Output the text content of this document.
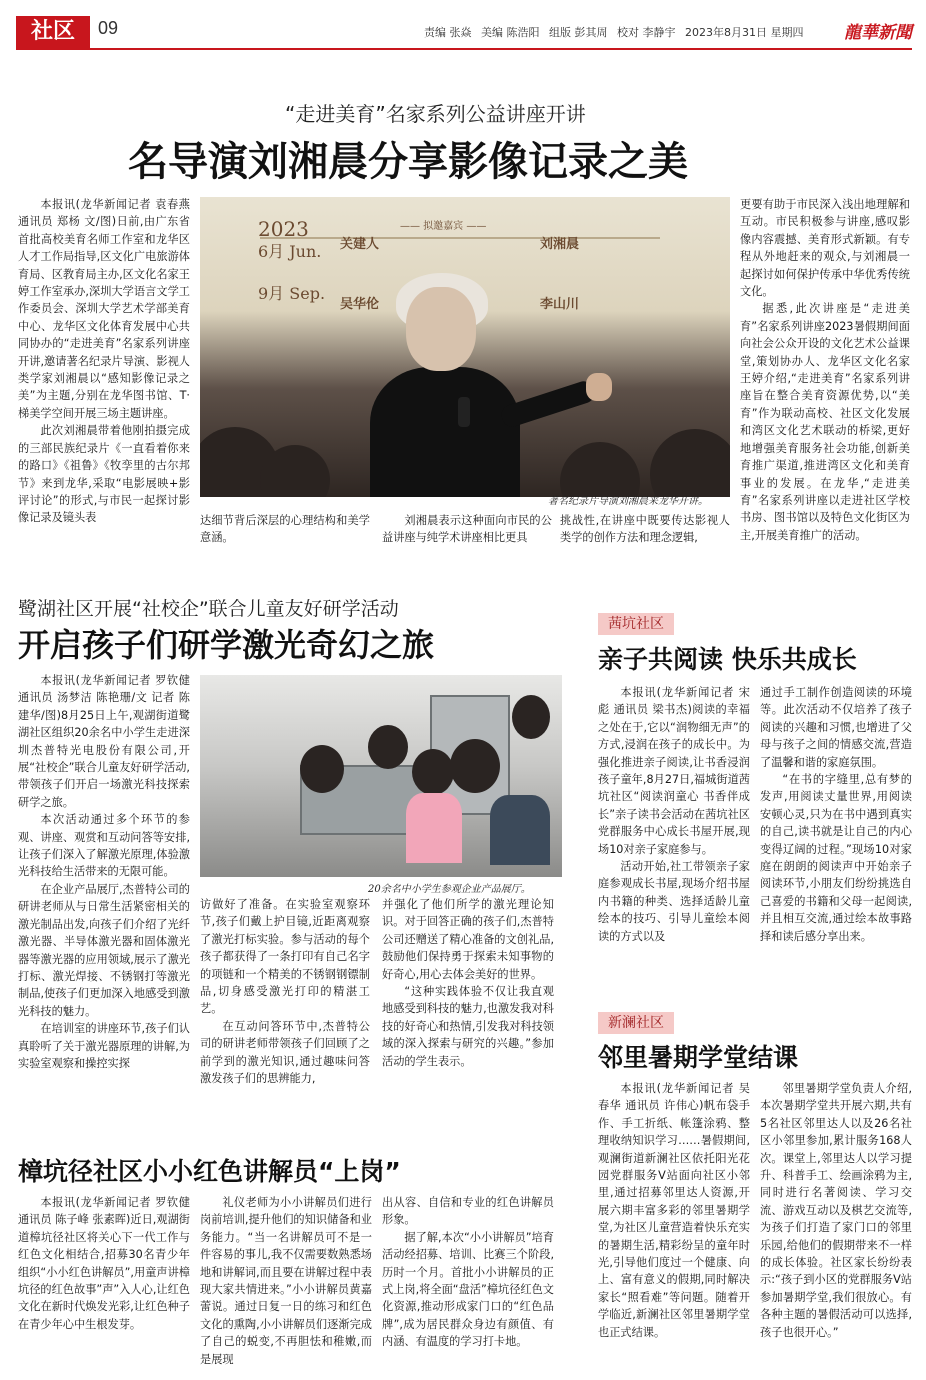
社区	09	责编 张焱 美编 陈浩阳 组版 彭其周 校对 李静宇 2023年8月31日 星期四	龍華新聞
“走进美育”名家系列公益讲座开讲
名导演刘湘晨分享影像记录之美

本报讯(龙华新闻记者 袁春燕 通讯员 郑杨 文/图)日前,由广东省首批高校美育名师工作室和龙华区人才工作局指导,区文化广电旅游体育局、区教育局主办,区文化名家王婷工作室承办,深圳大学语言文学工作委员会、深圳大学艺术学部美育中心、龙华区文化体育发展中心共同协办的“走进美育”名家系列讲座开讲,邀请著名纪录片导演、影视人类学家刘湘晨以“感知影像记录之美”为主题,分别在龙华图书馆、T·梯美学空间开展三场主题讲座。

此次刘湘晨带着他刚拍摄完成的三部民族纪录片《一直看着你来的路口》《祖鲁》《牧孪里的古尔邦节》来到龙华,采取“电影展映+影评讨论”的形式,与市民一起探讨影像记录及镜头表

—— 拟邀嘉宾 ——
2023
6月 Jun.
9月 Sep.
关建人	刘湘晨
吴华伦	李山川
著名纪录片导演刘湘晨来龙华开讲。
达细节背后深层的心理结构和美学意涵。
刘湘晨表示这种面向市民的公益讲座与纯学术讲座相比更具
挑战性,在讲座中既要传达影视人类学的创作方法和理念逻辑,
更要有助于市民深入浅出地理解和互动。市民积极参与讲座,感叹影像内容震撼、美育形式新颖。有专程从外地赶来的观众,与刘湘晨一起探讨如何保护传承中华优秀传统文化。

据悉,此次讲座是“走进美育”名家系列讲座2023暑假期间面向社会公众开设的文化艺术公益课堂,策划协办人、龙华区文化名家王婷介绍,“走进美育”名家系列讲座旨在整合美育资源优势,以“美育”作为联动高校、社区文化发展和湾区文化艺术联动的桥梁,更好地增强美育服务社会功能,创新美育推广渠道,推进湾区文化和美育事业的发展。在龙华,“走进美育”名家系列讲座以走进社区学校书房、图书馆以及特色文化街区为主,开展美育推广的活动。

鹭湖社区开展“社校企”联合儿童友好研学活动
开启孩子们研学激光奇幻之旅

本报讯(龙华新闻记者 罗钦健 通讯员 汤梦洁 陈艳珊/文 记者 陈建华/图)8月25日上午,观湖街道鹭湖社区组织20余名中小学生走进深圳杰普特光电股份有限公司,开展“社校企”联合儿童友好研学活动,带领孩子们开启一场激光科技探索研学之旅。

本次活动通过多个环节的参观、讲座、观赏和互动问答等安排,让孩子们深入了解激光原理,体验激光科技给生活带来的无限可能。

在企业产品展厅,杰普特公司的研讲老师从与日常生活紧密相关的激光制品出发,向孩子们介绍了光纤激光器、半导体激光器和固体激光器等激光器的应用领域,展示了激光打标、激光焊接、不锈钢打等激光制品,使孩子们更加深入地感受到激光科技的魅力。

在培训室的讲座环节,孩子们认真聆听了关于激光器原理的讲解,为实验室观察和操控实探

20余名中小学生参观企业产品展厅。
访做好了准备。在实验室观察环节,孩子们戴上护目镜,近距离观察了激光打标实验。参与活动的每个孩子都获得了一条打印有自己名字的项链和一个精美的不锈钢钢镖制品,切身感受激光打印的精湛工艺。

在互动问答环节中,杰普特公司的研讲老师带领孩子们回顾了之前学到的激光知识,通过趣味问答激发孩子们的思辨能力,

并强化了他们所学的激光理论知识。对于回答正确的孩子们,杰普特公司还赠送了精心准备的文创礼品,鼓励他们保持勇于探索未知事物的好奇心,用心去体会美好的世界。

“这种实践体验不仅让我直观地感受到科技的魅力,也激发我对科技的好奇心和热情,引发我对科技领域的深入探索与研究的兴趣。”参加活动的学生表示。

樟坑径社区小小红色讲解员“上岗”

本报讯(龙华新闻记者 罗钦健 通讯员 陈子峰 张素晖)近日,观湖街道樟坑径社区将关心下一代工作与红色文化相结合,招募30名青少年组织“小小红色讲解员”,用童声讲樟坑径的红色故事”声”入人心,让红色文化在新时代焕发光彩,让红色种子在青少年心中生根发芽。

礼仪老师为小小讲解员们进行岗前培训,提升他们的知识储备和业务能力。“当一名讲解员可不是一件容易的事儿,我不仅需要数熟悉场地和讲解词,而且要在讲解过程中表现大家共情进来。”小小讲解员黄嘉蕾说。通过日复一日的练习和红色文化的熏陶,小小讲解员们逐渐完成了自己的蜕变,不再胆怯和稚嫩,而是展现

出从容、自信和专业的红色讲解员形象。

据了解,本次“小小讲解员”培育活动经招募、培训、比赛三个阶段,历时一个月。首批小小讲解员的正式上岗,将全面“盘活”樟坑径红色文化资源,推动形成家门口的“红色品牌”,成为居民群众身边有颜值、有内涵、有温度的学习打卡地。

茜坑社区
亲子共阅读 快乐共成长

本报讯(龙华新闻记者 宋彪 通讯员 梁书杰)阅读的幸福之处在于,它以“润物细无声”的方式,浸润在孩子的成长中。为强化推进亲子阅读,让书香浸润孩子童年,8月27日,福城街道茜坑社区“阅读润童心 书香伴成长”亲子读书会活动在茜坑社区党群服务中心成长书屋开展,现场10对亲子家庭参与。

活动开始,社工带领亲子家庭参观成长书屋,现场介绍书屋内书籍的种类、选择适龄儿童绘本的技巧、引导儿童绘本阅读的方式以及

通过手工制作创造阅读的环境等。此次活动不仅培养了孩子阅读的兴趣和习惯,也增进了父母与孩子之间的情感交流,营造了温馨和谐的家庭氛围。

“在书的字缝里,总有梦的发声,用阅读丈量世界,用阅读安顿心灵,只为在书中遇到真实的自己,读书就是让自己的内心变得辽阔的过程。”现场10对家庭在朗朗的阅读声中开始亲子阅读环节,小朋友们纷纷挑选自己喜爱的书籍和父母一起阅读,并且相互交流,通过绘本故事路择和读后感分享出来。

新澜社区
邻里暑期学堂结课

本报讯(龙华新闻记者 吴春华 通讯员 许伟心)帆布袋手作、手工折纸、帐篷涂鸦、整理收纳知识学习……暑假期间,观澜街道新澜社区依托阳光花园党群服务V站面向社区小邻里,通过招募邻里达人资源,开展六期丰富多彩的邻里暑期学堂,为社区儿童营造着快乐充实的暑期生活,精彩纷呈的童年时光,引导他们度过一个健康、向上、富有意义的假期,同时解决家长“照看难”等问题。随着开学临近,新澜社区邻里暑期学堂也正式结课。

邻里暑期学堂负责人介绍,本次暑期学堂共开展六期,共有5名社区邻里达人以及26名社区小邻里参加,累计服务168人次。课堂上,邻里达人以学习提升、科普手工、绘画涂鸦为主,同时进行名著阅读、学习交流、游戏互动以及棋艺交流等,为孩子们打造了家门口的邻里乐园,给他们的假期带来不一样的成长体验。社区家长纷纷表示:“孩子到小区的党群服务V站参加暑期学堂,我们很放心。有各种主题的暑假活动可以选择,孩子也很开心。”
